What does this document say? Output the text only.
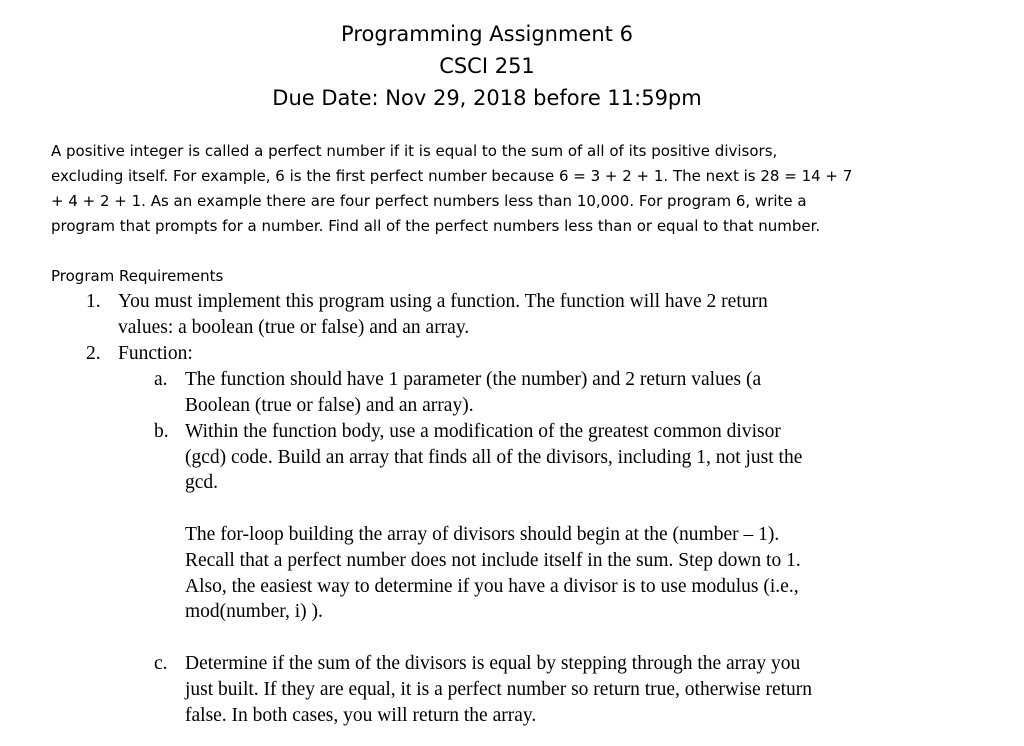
Programming Assignment 6
CSCI 251
Due Date: Nov 29, 2018 before 11:59pm
A positive integer is called a perfect number if it is equal to the sum of all of its positive divisors,
excluding itself. For example, 6 is the first perfect number because 6 = 3 + 2 + 1. The next is 28 = 14 + 7
+ 4 + 2 + 1. As an example there are four perfect numbers less than 10,000. For program 6, write a
program that prompts for a number. Find all of the perfect numbers less than or equal to that number.
Program Requirements
1. You must implement this program using a function. The function will have 2 return
values: a boolean (true or false) and an array.
2. Function:
a. The function should have 1 parameter (the number) and 2 return values (a
Boolean (true or false) and an array).
b. Within the function body, use a modification of the greatest common divisor
(gcd) code. Build an array that finds all of the divisors, including 1, not just the
gcd.
The for-loop building the array of divisors should begin at the (number – 1).
Recall that a perfect number does not include itself in the sum. Step down to 1.
Also, the easiest way to determine if you have a divisor is to use modulus (i.e.,
mod(number, i) ).
c. Determine if the sum of the divisors is equal by stepping through the array you
just built. If they are equal, it is a perfect number so return true, otherwise return
false. In both cases, you will return the array.
